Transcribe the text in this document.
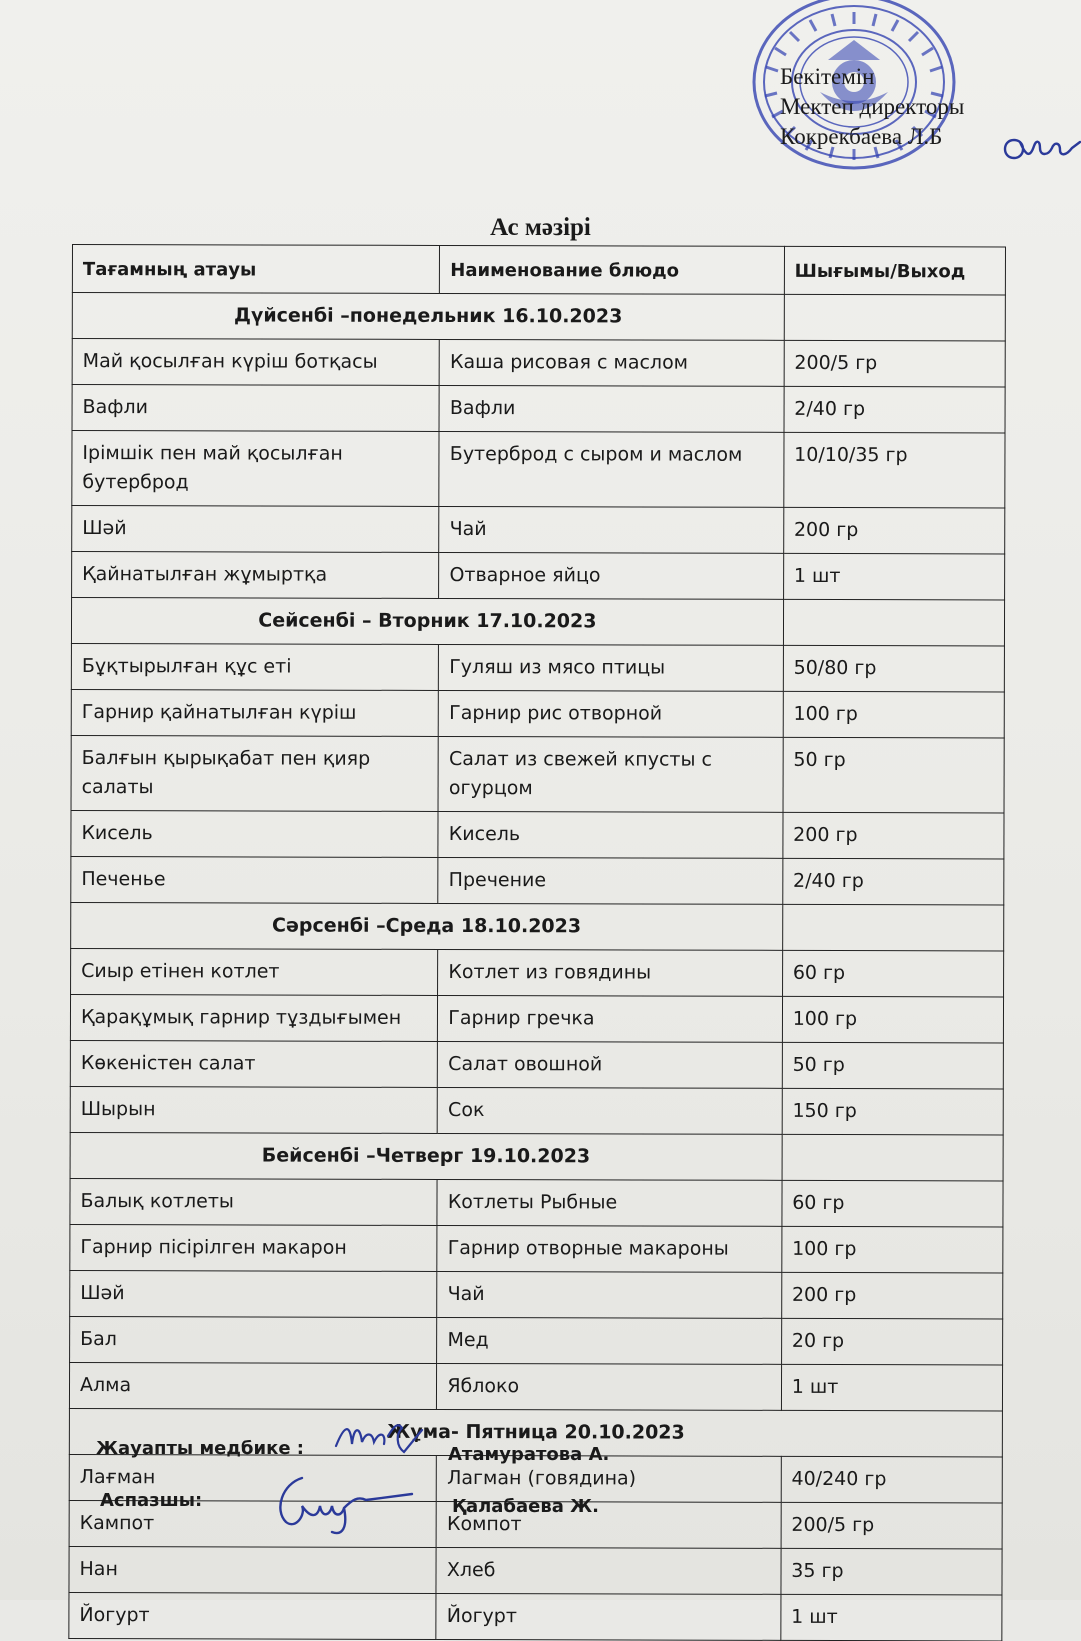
Бекітемін
Мектеп директоры
Кокрекбаева Л.Б
Ас мәзірі
Тағамның атауы	Наименование блюдо	Шығымы/Выход
Дүйсенбі –понедельник 16.10.2023		
Май қосылған күріш ботқасы	Каша рисовая с маслом	200/5 гр
Вафли	Вафли	2/40 гр
Ірімшік пен май қосылған бутерброд	Бутерброд с сыром и маслом	10/10/35 гр
Шәй	Чай	200 гр
Қайнатылған жұмыртқа	Отварное яйцо	1 шт
Сейсенбі – Вторник 17.10.2023		
Бұқтырылған құс еті	Гуляш из мясо птицы	50/80 гр
Гарнир қайнатылған күріш	Гарнир рис отворной	100 гр
Балғын қырықабат пен қияр салаты	Салат из свежей кпусты с огурцом	50 гр
Кисель	Кисель	200 гр
Печенье	Пречение	2/40 гр
Сәрсенбі –Среда 18.10.2023		
Сиыр етінен котлет	Котлет из говядины	60 гр
Қарақұмық гарнир тұздығымен	Гарнир гречка	100 гр
Көкеністен салат	Салат овошной	50 гр
Шырын	Сок	150 гр
Бейсенбі –Четверг 19.10.2023		
Балық котлеты	Котлеты Рыбные	60 гр
Гарнир пісірілген макарон	Гарнир отворные макароны	100 гр
Шәй	Чай	200 гр
Бал	Мед	20 гр
Алма	Яблоко	1 шт
Жұма- Пятница 20.10.2023		
Лағман	Лагман (говядина)	40/240 гр
Кампот	Компот	200/5 гр
Нан	Хлеб	35 гр
Йогурт	Йогурт	1 шт
Жауапты медбике :	Атамуратова А.
Аспазшы:	Қалабаева Ж.
